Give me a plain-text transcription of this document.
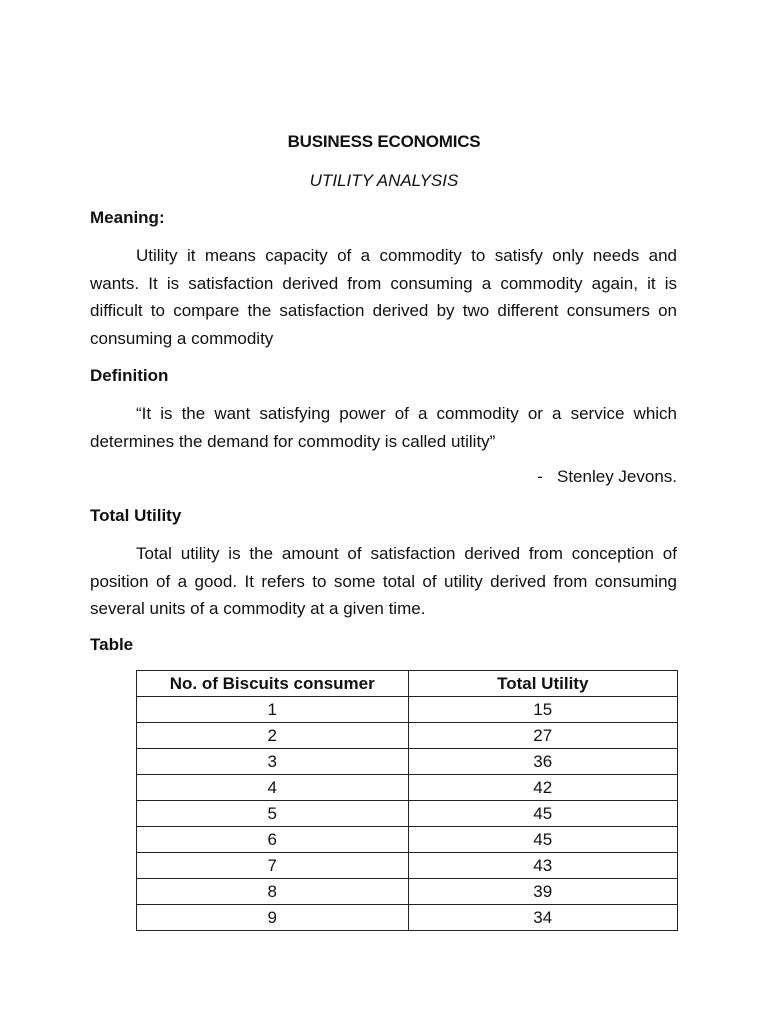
BUSINESS ECONOMICS
UTILITY ANALYSIS
Meaning:

Utility it means capacity of a commodity to satisfy only needs and wants. It is satisfaction derived from consuming a commodity again, it is difficult to compare the satisfaction derived by two different consumers on consuming a commodity

Definition

“It is the want satisfying power of a commodity or a service which determines the demand for commodity is called utility”

-   Stenley Jevons.
Total Utility

Total utility is the amount of satisfaction derived from conception of position of a good. It refers to some total of utility derived from consuming several units of a commodity at a given time.

Table
No. of Biscuits consumer	Total Utility
1	15
2	27
3	36
4	42
5	45
6	45
7	43
8	39
9	34
